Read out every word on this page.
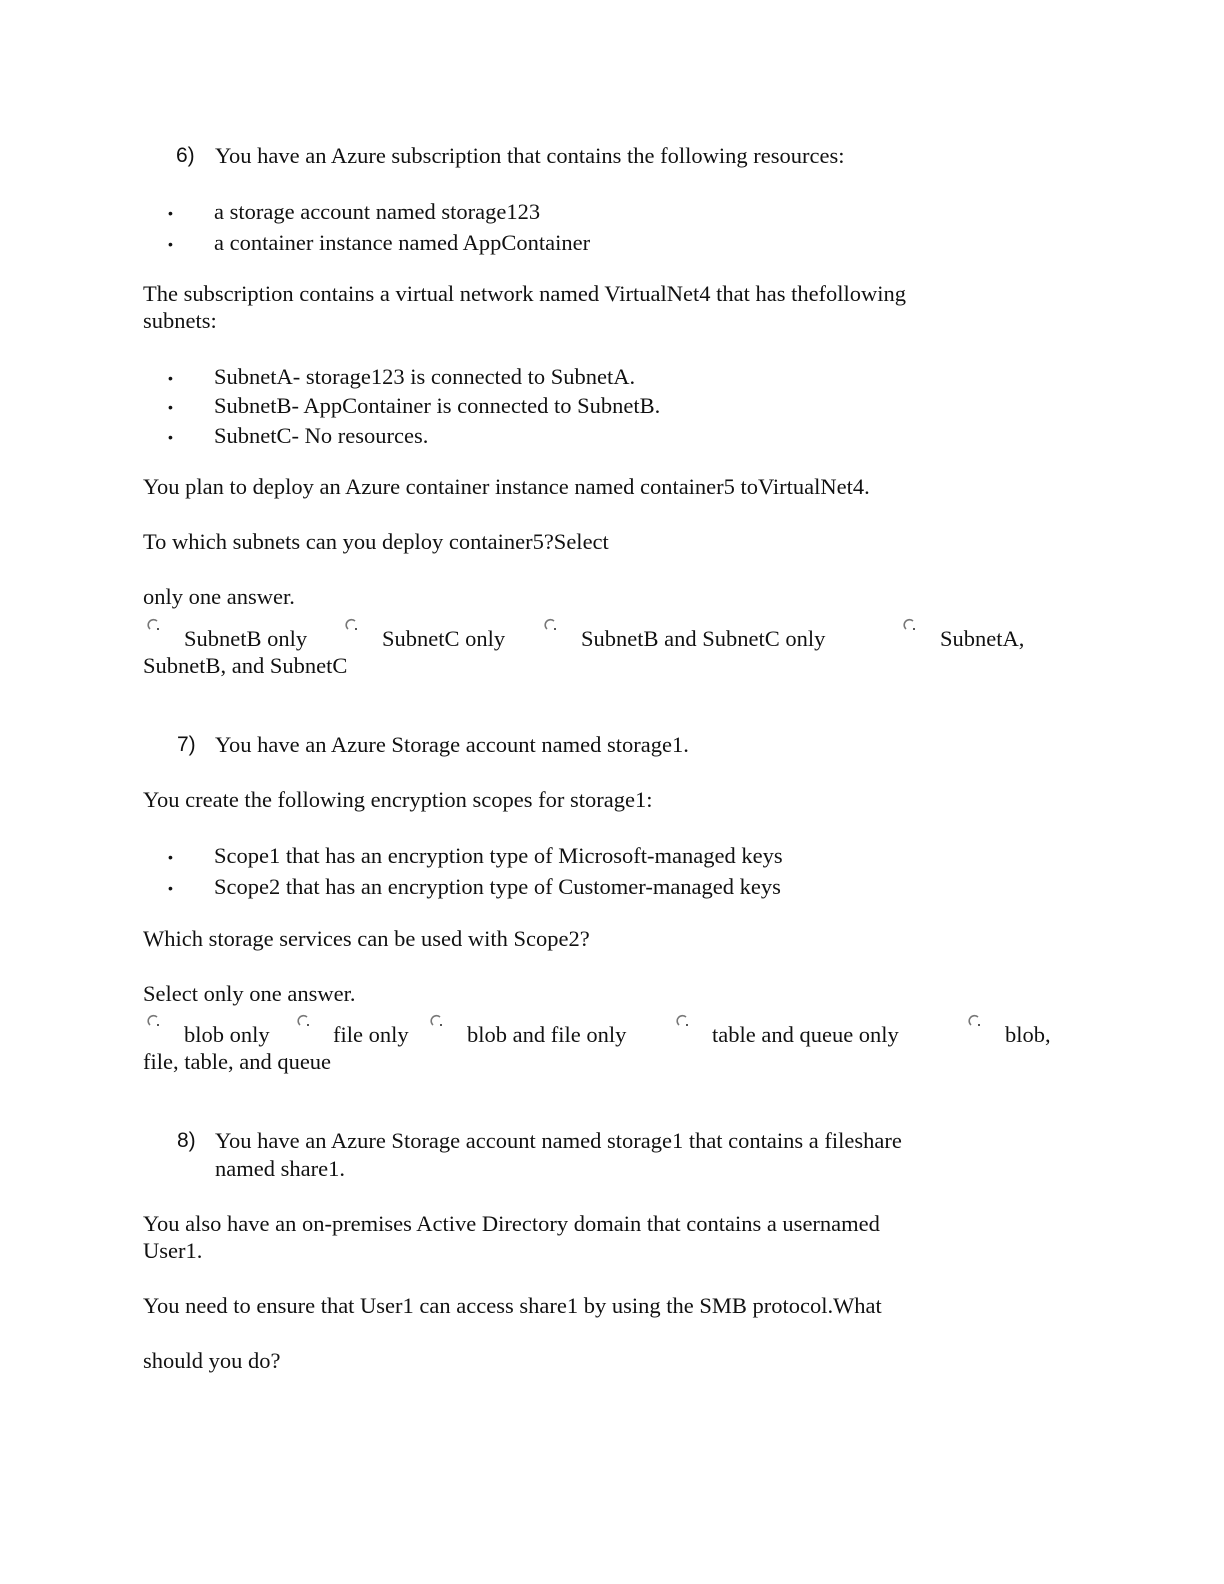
6) You have an Azure subscription that contains the following resources:
• a storage account named storage123
• a container instance named AppContainer
The subscription contains a virtual network named VirtualNet4 that has thefollowing
subnets:
• SubnetA- storage123 is connected to SubnetA.
• SubnetB- AppContainer is connected to SubnetB.
• SubnetC- No resources.
You plan to deploy an Azure container instance named container5 toVirtualNet4.
To which subnets can you deploy container5?Select
only one answer.
SubnetB only	SubnetC only	SubnetB and SubnetC only	SubnetA,
SubnetB, and SubnetC
7) You have an Azure Storage account named storage1.
You create the following encryption scopes for storage1:
• Scope1 that has an encryption type of Microsoft-managed keys
• Scope2 that has an encryption type of Customer-managed keys
Which storage services can be used with Scope2?
Select only one answer.
blob only	file only	blob and file only	table and queue only	blob,
file, table, and queue
8) You have an Azure Storage account named storage1 that contains a fileshare
named share1.
You also have an on-premises Active Directory domain that contains a usernamed
User1.
You need to ensure that User1 can access share1 by using the SMB protocol.What
should you do?
